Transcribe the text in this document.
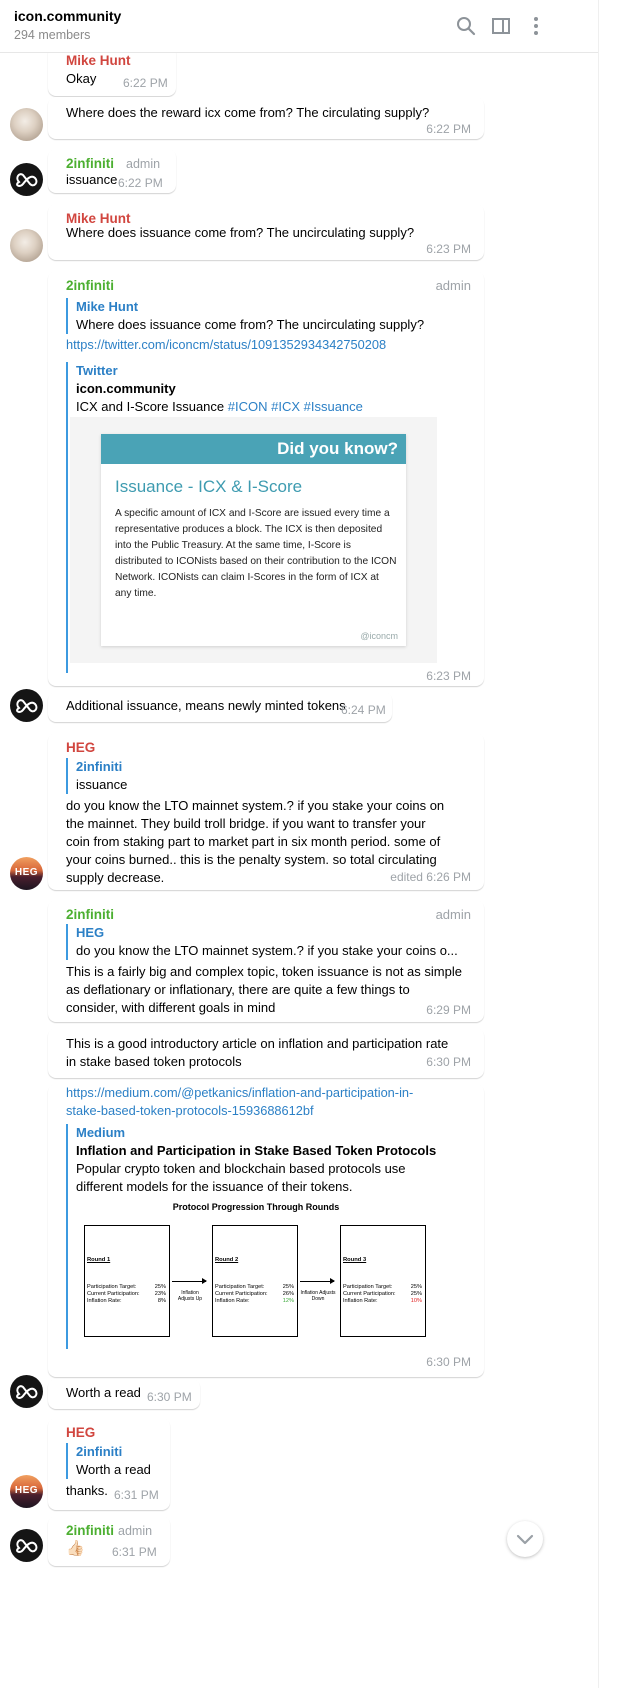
icon.community
294 members
Mike Hunt
Okay 6:22 PM
Where does the reward icx come from? The circulating supply?
6:22 PM
2infiniti admin
issuance 6:22 PM
Mike Hunt
Where does issuance come from? The uncirculating supply?
6:23 PM
2infiniti	admin
Mike Hunt
Where does issuance come from? The uncirculating supply?
https://twitter.com/iconcm/status/1091352934342750208
Twitter
icon.community
ICX and I-Score Issuance #ICON #ICX #Issuance
6:23 PM
Did you know?
Issuance - ICX & I-Score
A specific amount of ICX and I-Score are issued every time a representative produces a block. The ICX is then deposited into the Public Treasury. At the same time, I-Score is distributed to ICONists based on their contribution to the ICON Network. ICONists can claim I-Scores in the form of ICX at any time.
@iconcm
Additional issuance, means newly minted tokens
6:24 PM
HEG
HEG
2infiniti
issuance
do you know the LTO mainnet system.? if you stake your coins on
the mainnet. They build troll bridge. if you want to transfer your
coin from staking part to market part in six month period. some of
your coins burned.. this is the penalty system. so total circulating
supply decrease.	edited 6:26 PM
2infiniti	admin
HEG
do you know the LTO mainnet system.? if you stake your coins o...
This is a fairly big and complex topic, token issuance is not as simple
as deflationary or inflationary, there are quite a few things to
consider, with different goals in mind	6:29 PM
This is a good introductory article on inflation and participation rate
in stake based token protocols	6:30 PM
https://medium.com/@petkanics/inflation-and-participation-in-
stake-based-token-protocols-1593688612bf
Medium
Inflation and Participation in Stake Based Token Protocols
Popular crypto token and blockchain based protocols use
different models for the issuance of their tokens.
6:30 PM
Protocol Progression Through Rounds
Round 1
Participation Target:
Current Participation:
Inflation Rate:
25%
23%
8%
Inflation Adjusts Up
Round 2
Participation Target:
Current Participation:
Inflation Rate:
25%
26%
12%
Inflation Adjusts Down
Round 3
Participation Target:
Current Participation:
Inflation Rate:
25%
25%
10%
Worth a read 6:30 PM
HEG
HEG
2infiniti
Worth a read
thanks. 6:31 PM
2infiniti admin
👍🏻 6:31 PM
